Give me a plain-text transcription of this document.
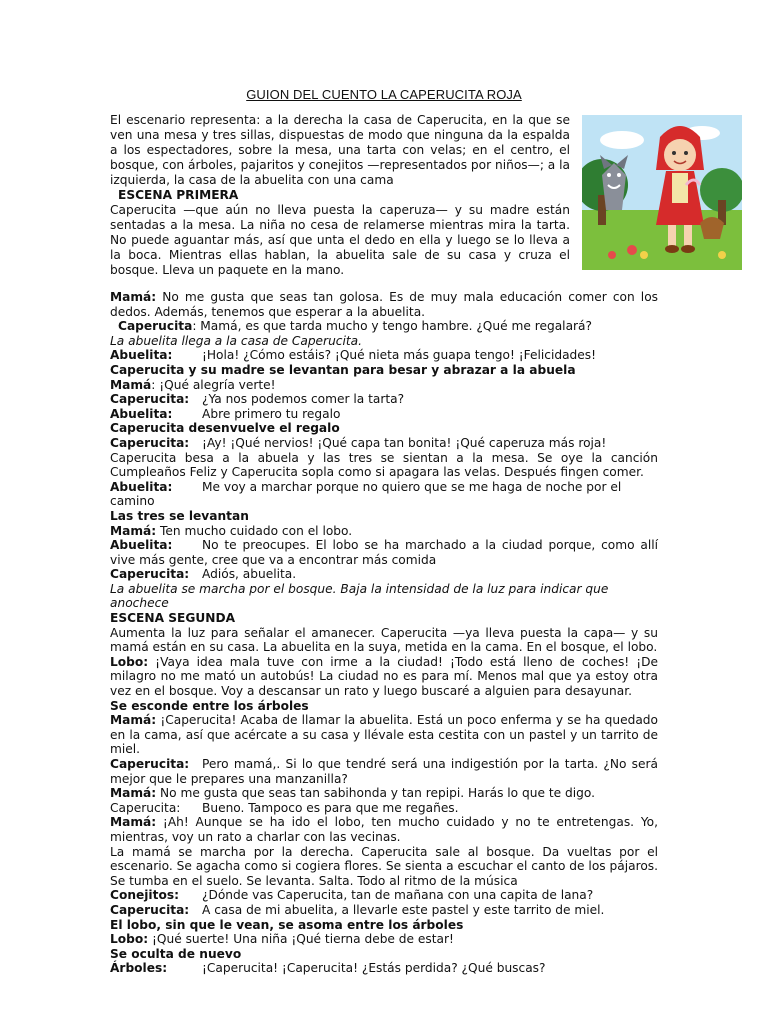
GUION DEL CUENTO LA CAPERUCITA ROJA

El escenario representa: a la derecha la casa de Caperucita, en la que se ven una mesa y tres sillas, dispuestas de modo que ninguna da la espalda a los espectadores, sobre la mesa, una tarta con velas; en el centro, el bosque, con árboles, pajaritos y conejitos —representados por niños—; a la izquierda, la casa de la abuelita con una cama

ESCENA PRIMERA

Caperucita —que aún no lleva puesta la caperuza— y su madre están sentadas a la mesa. La niña no cesa de relamerse mientras mira la tarta. No puede aguantar más, así que unta el dedo en ella y luego se lo lleva a la boca. Mientras ellas hablan, la abuelita sale de su casa y cruza el bosque. Lleva un paquete en la mano.

Mamá: No me gusta que seas tan golosa. Es de muy mala educación comer con los dedos. Además, tenemos que esperar a la abuelita.

Caperucita: Mamá, es que tarda mucho y tengo hambre. ¿Qué me regalará?

La abuelita llega a la casa de Caperucita.

Abuelita: ¡Hola! ¿Cómo estáis? ¡Qué nieta más guapa tengo! ¡Felicidades!

Caperucita y su madre se levantan para besar y abrazar a la abuela

Mamá: ¡Qué alegría verte!

Caperucita: ¿Ya nos podemos comer la tarta?

Abuelita: Abre primero tu regalo

Caperucita desenvuelve el regalo

Caperucita: ¡Ay! ¡Qué nervios! ¡Qué capa tan bonita! ¡Qué caperuza más roja!

Caperucita besa a la abuela y las tres se sientan a la mesa. Se oye la canción Cumpleaños Feliz y Caperucita sopla como si apagara las velas. Después fingen comer.

Abuelita: Me voy a marchar porque no quiero que se me haga de noche por el camino

Las tres se levantan

Mamá: Ten mucho cuidado con el lobo.

Abuelita: No te preocupes. El lobo se ha marchado a la ciudad porque, como allí vive más gente, cree que va a encontrar más comida

Caperucita: Adiós, abuelita.

La abuelita se marcha por el bosque. Baja la intensidad de la luz para indicar que anochece

ESCENA SEGUNDA

Aumenta la luz para señalar el amanecer. Caperucita —ya lleva puesta la capa— y su mamá están en su casa. La abuelita en la suya, metida en la cama. En el bosque, el lobo.

Lobo: ¡Vaya idea mala tuve con irme a la ciudad! ¡Todo está lleno de coches! ¡De milagro no me mató un autobús! La ciudad no es para mí. Menos mal que ya estoy otra vez en el bosque. Voy a descansar un rato y luego buscaré a alguien para desayunar.

Se esconde entre los árboles

Mamá: ¡Caperucita! Acaba de llamar la abuelita. Está un poco enferma y se ha quedado en la cama, así que acércate a su casa y llévale esta cestita con un pastel y un tarrito de miel.

Caperucita: Pero mamá,. Si lo que tendré será una indigestión por la tarta. ¿No será mejor que le prepares una manzanilla?

Mamá: No me gusta que seas tan sabihonda y tan repipi. Harás lo que te digo.

Caperucita: Bueno. Tampoco es para que me regañes.

Mamá: ¡Ah! Aunque se ha ido el lobo, ten mucho cuidado y no te entretengas. Yo, mientras, voy un rato a charlar con las vecinas.

La mamá se marcha por la derecha. Caperucita sale al bosque. Da vueltas por el escenario. Se agacha como si cogiera flores. Se sienta a escuchar el canto de los pájaros. Se tumba en el suelo. Se levanta. Salta. Todo al ritmo de la música

Conejitos: ¿Dónde vas Caperucita, tan de mañana con una capita de lana?

Caperucita: A casa de mi abuelita, a llevarle este pastel y este tarrito de miel.

El lobo, sin que le vean, se asoma entre los árboles

Lobo: ¡Qué suerte! Una niña ¡Qué tierna debe de estar!

Se oculta de nuevo

Árboles:	¡Caperucita! ¡Caperucita! ¿Estás perdida? ¿Qué buscas?
